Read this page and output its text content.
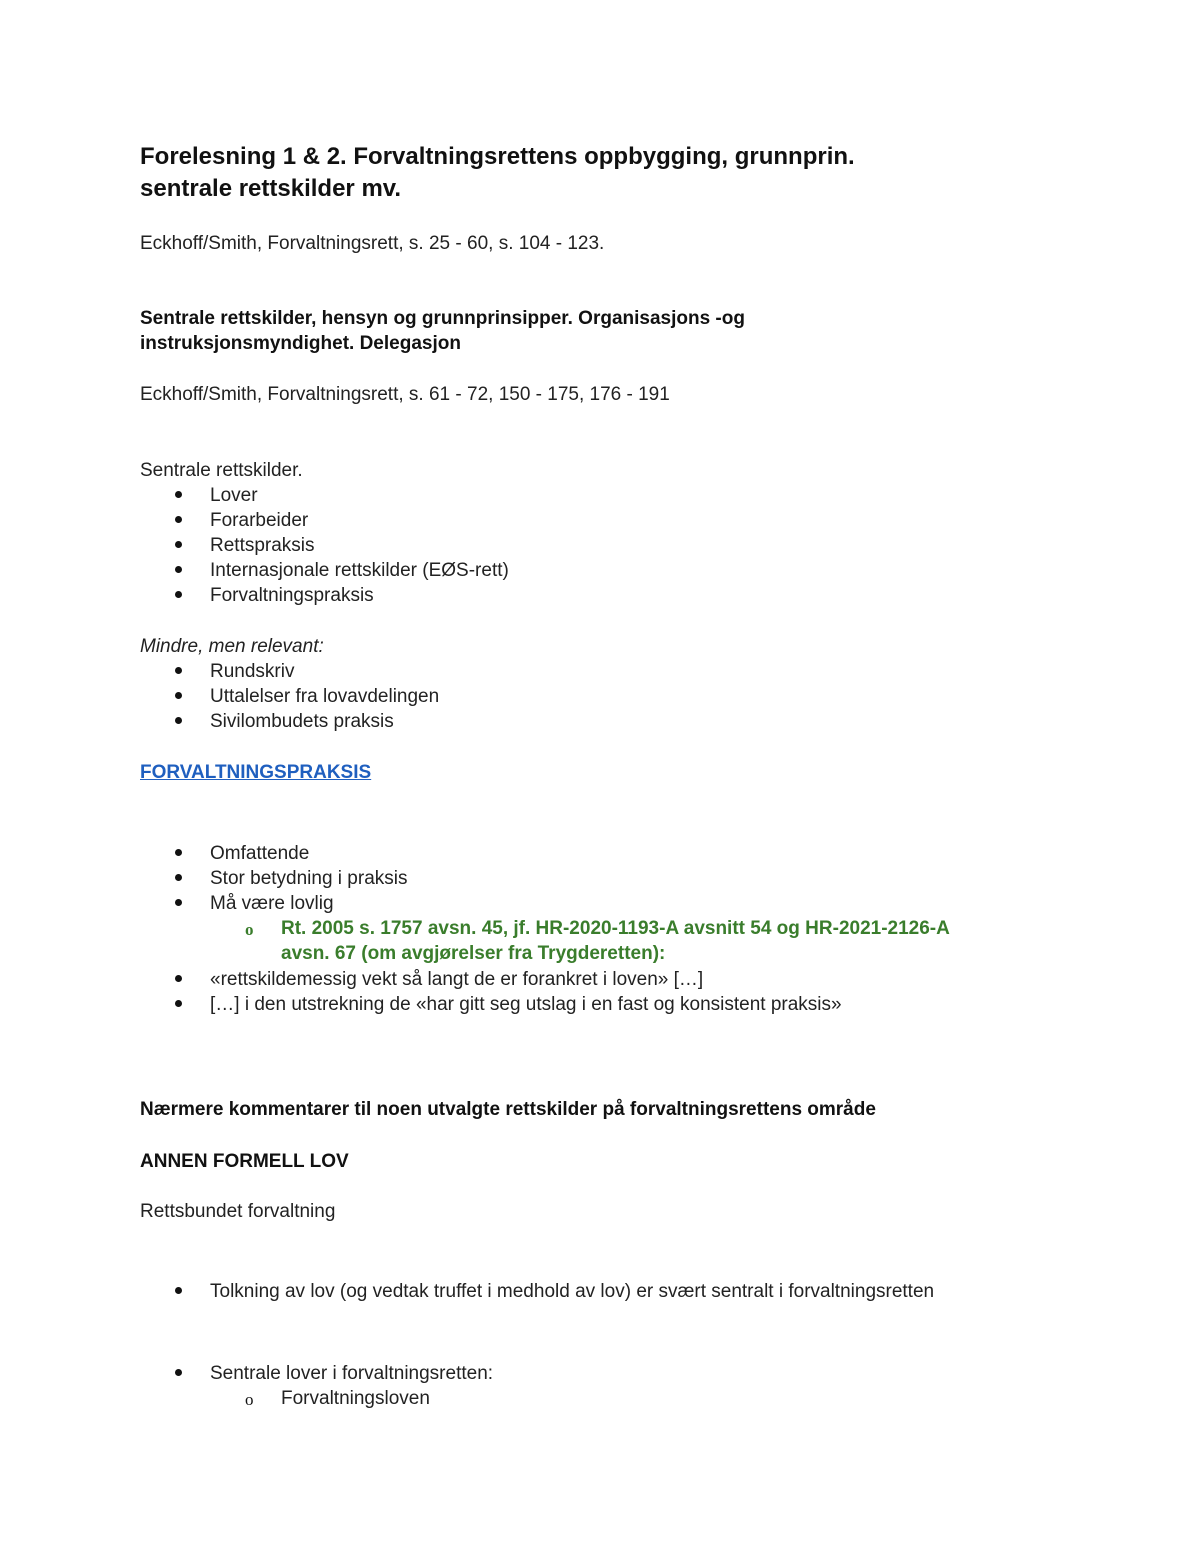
Forelesning 1 & 2. Forvaltningsrettens oppbygging, grunnprin.
sentrale rettskilder mv.
Eckhoff/Smith, Forvaltningsrett, s. 25 - 60, s. 104 - 123.
Sentrale rettskilder, hensyn og grunnprinsipper. Organisasjons -og
instruksjonsmyndighet. Delegasjon
Eckhoff/Smith, Forvaltningsrett, s. 61 - 72, 150 - 175, 176 - 191
Sentrale rettskilder.
Lover
Forarbeider
Rettspraksis
Internasjonale rettskilder (EØS-rett)
Forvaltningspraksis
Mindre, men relevant:
Rundskriv
Uttalelser fra lovavdelingen
Sivilombudets praksis
FORVALTNINGSPRAKSIS
Omfattende
Stor betydning i praksis
Må være lovlig
o Rt. 2005 s. 1757 avsn. 45, jf. HR-2020-1193-A avsnitt 54 og HR-2021-2126-A
avsn. 67 (om avgjørelser fra Trygderetten):
«rettskildemessig vekt så langt de er forankret i loven» […]
[…] i den utstrekning de «har gitt seg utslag i en fast og konsistent praksis»
Nærmere kommentarer til noen utvalgte rettskilder på forvaltningsrettens område
ANNEN FORMELL LOV
Rettsbundet forvaltning
Tolkning av lov (og vedtak truffet i medhold av lov) er svært sentralt i forvaltningsretten
Sentrale lover i forvaltningsretten:
o Forvaltningsloven
